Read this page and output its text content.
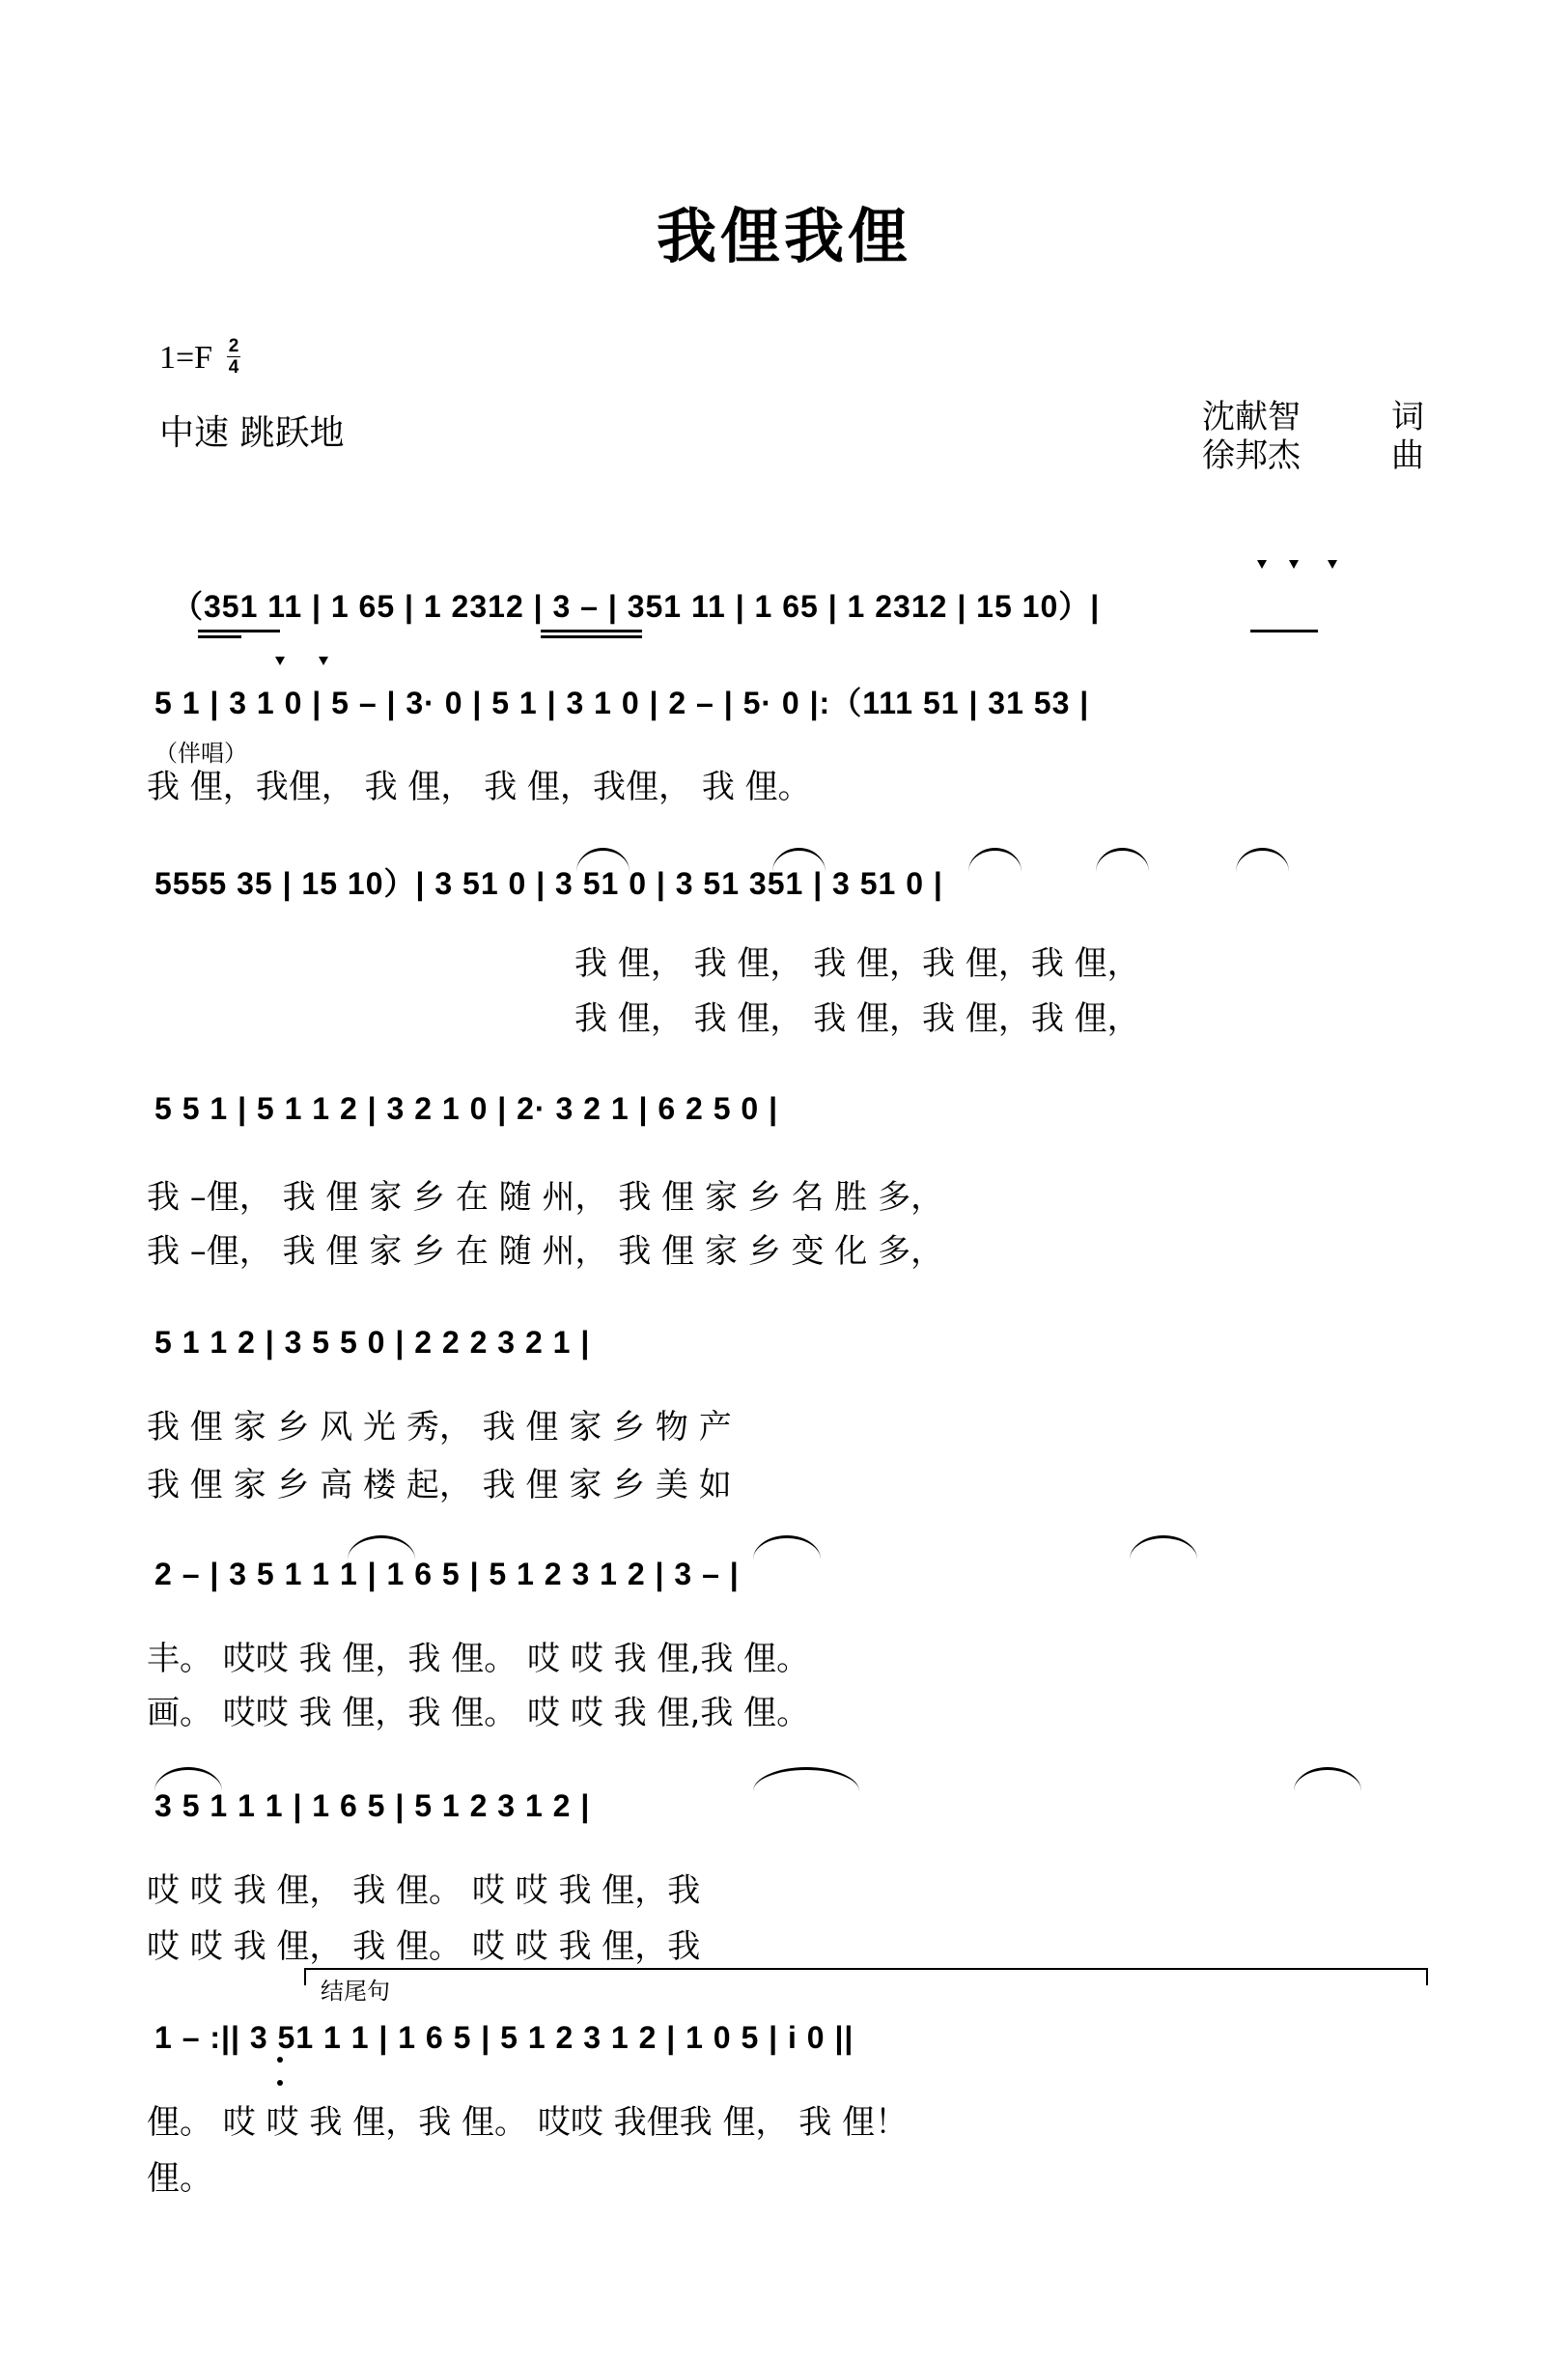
我俚我俚
1=F 2
4
中速 跳跃地	沈献智	词
徐邦杰	曲
（351 11 | 1 65 | 1 2312 | 3 – | 351 11 | 1 65 | 1 2312 | 15 10）|
5 1 | 3 1 0 | 5 – | 3· 0 | 5 1 | 3 1 0 | 2 – | 5· 0 |:（111 51 | 31 53 |
（伴唱）
我 俚，我俚， 我 俚， 我 俚，我俚， 我 俚。
5555 35 | 15 10）| 3 51 0 | 3 51 0 | 3 51 351 | 3 51 0 |
我 俚， 我 俚， 我 俚，我 俚，我 俚，
我 俚， 我 俚， 我 俚，我 俚，我 俚，
5 5 1 | 5 1 1 2 | 3 2 1 0 | 2· 3 2 1 | 6 2 5 0 |
我 –俚， 我 俚 家 乡 在 随 州， 我 俚 家 乡 名 胜 多，
我 –俚， 我 俚 家 乡 在 随 州， 我 俚 家 乡 变 化 多，
5 1 1 2 | 3 5 5 0 | 2 2 2 3 2 1 |
我 俚 家 乡 风 光 秀， 我 俚 家 乡 物 产
我 俚 家 乡 高 楼 起， 我 俚 家 乡 美 如
2 – | 3 5 1 1 1 | 1 6 5 | 5 1 2 3 1 2 | 3 – |
丰。 哎哎 我 俚，我 俚。 哎 哎 我 俚,我 俚。
画。 哎哎 我 俚，我 俚。 哎 哎 我 俚,我 俚。
3 5 1 1 1 | 1 6 5 | 5 1 2 3 1 2 |
哎 哎 我 俚， 我 俚。 哎 哎 我 俚，我
哎 哎 我 俚， 我 俚。 哎 哎 我 俚，我
结尾句
1 – :|| 3 51 1 1 | 1 6 5 | 5 1 2 3 1 2 | 1 0 5 | i 0 ||
俚。 哎 哎 我 俚，我 俚。 哎哎 我俚我 俚， 我 俚！
俚。
